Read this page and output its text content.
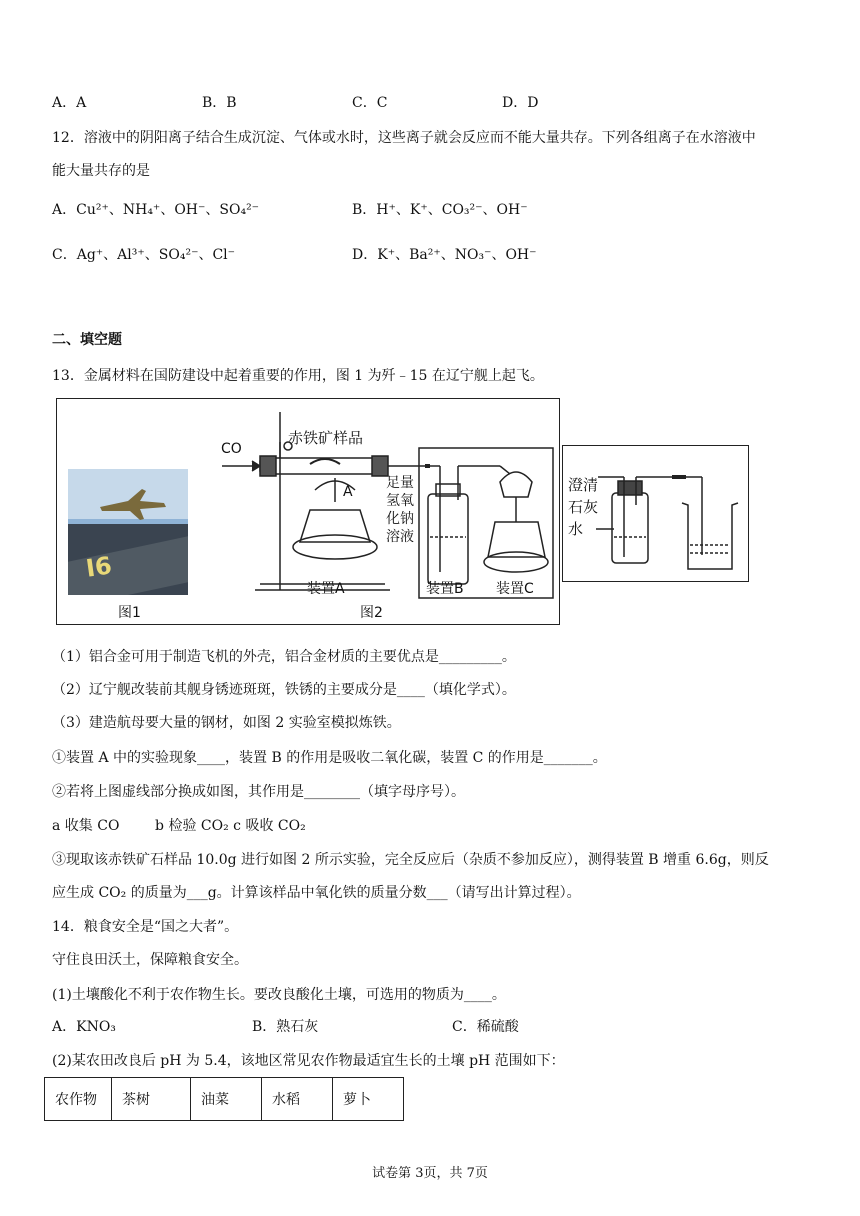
A．A	B．B	C．C	D．D
12．溶液中的阴阳离子结合生成沉淀、气体或水时，这些离子就会反应而不能大量共存。下列各组离子在水溶液中
能大量共存的是
A．Cu²⁺、NH₄⁺、OH⁻、SO₄²⁻	B．H⁺、K⁺、CO₃²⁻、OH⁻
C．Ag⁺、Al³⁺、SO₄²⁻、Cl⁻	D．K⁺、Ba²⁺、NO₃⁻、OH⁻
二、填空题
13．金属材料在国防建设中起着重要的作用，图 1 为歼﹣15 在辽宁舰上起飞。
I6
图1
CO
赤铁矿样品
A
足量
氢氧
化钠
溶液
装置A	装置B 装置C
图2
澄清
石灰
水
（1）铝合金可用于制造飞机的外壳，铝合金材质的主要优点是_________。
（2）辽宁舰改装前其舰身锈迹斑斑，铁锈的主要成分是____（填化学式）。
（3）建造航母要大量的钢材，如图 2 实验室模拟炼铁。
①装置 A 中的实验现象____，装置 B 的作用是吸收二氧化碳，装置 C 的作用是_______。
②若将上图虚线部分换成如图，其作用是________（填字母序号）。
a 收集 CO        b 检验 CO₂ c 吸收 CO₂
③现取该赤铁矿石样品 10.0g 进行如图 2 所示实验，完全反应后（杂质不参加反应），测得装置 B 增重 6.6g，则反
应生成 CO₂ 的质量为___g。计算该样品中氧化铁的质量分数___（请写出计算过程）。
14．粮食安全是“国之大者”。
守住良田沃土，保障粮食安全。
(1)土壤酸化不利于农作物生长。要改良酸化土壤，可选用的物质为____。
A．KNO₃	B．熟石灰	C．稀硫酸
(2)某农田改良后 pH 为 5.4，该地区常见农作物最适宜生长的土壤 pH 范围如下：
农作物	茶树	油菜	水稻	萝卜
试卷第 3页，共 7页
